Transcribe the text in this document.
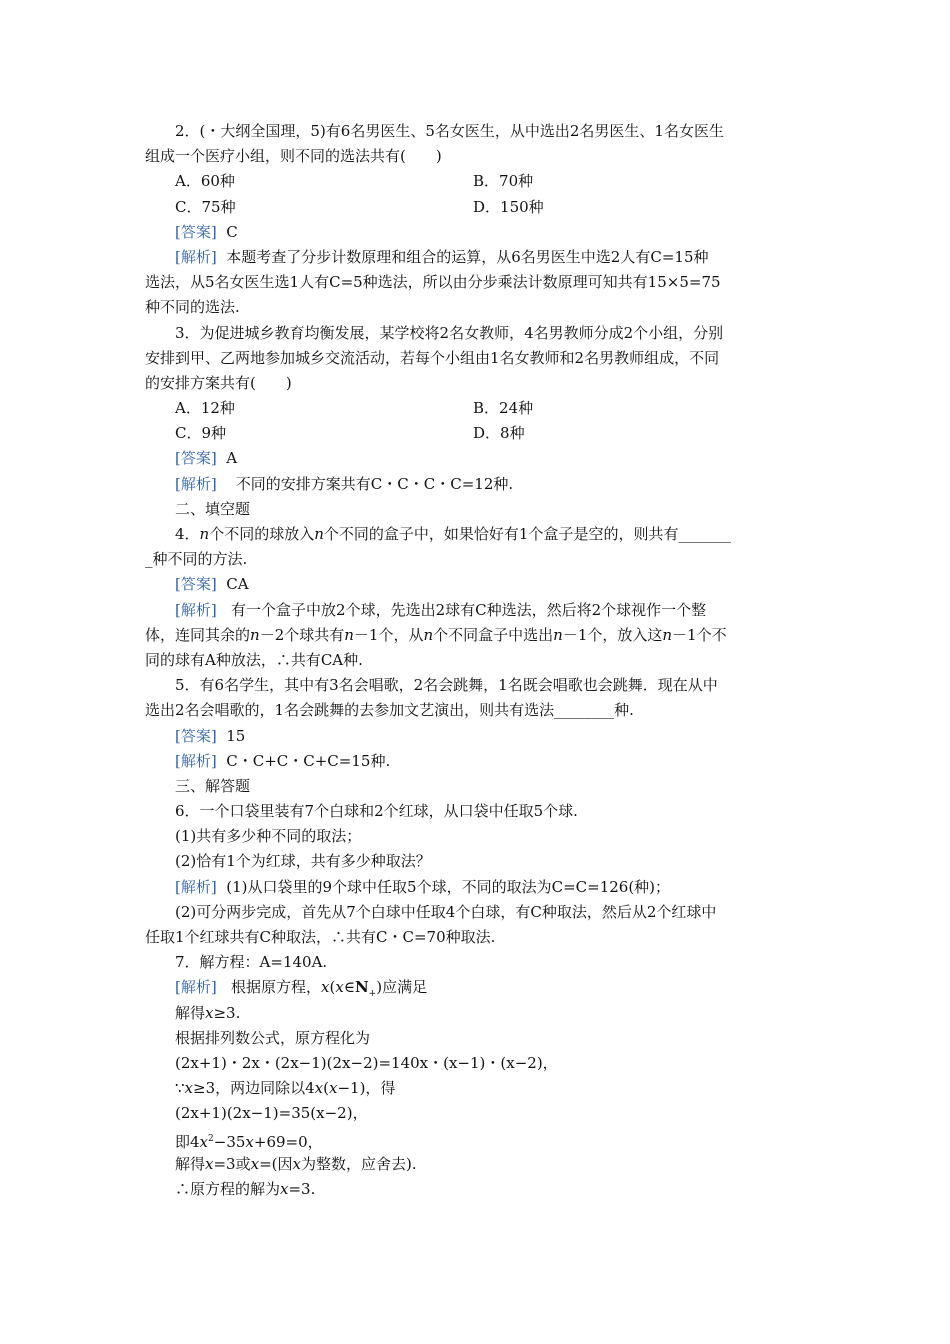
2．(・大纲全国理，5)有6名男医生、5名女医生，从中选出2名男医生、1名女医生
组成一个医疗小组，则不同的选法共有(　　)
A．60种	B．70种
C．75种	D．150种
[答案] C
[解析] 本题考查了分步计数原理和组合的运算，从6名男医生中选2人有C=15种
选法，从5名女医生选1人有C=5种选法，所以由分步乘法计数原理可知共有15×5=75
种不同的选法.
3．为促进城乡教育均衡发展，某学校将2名女教师，4名男教师分成2个小组，分别
安排到甲、乙两地参加城乡交流活动，若每个小组由1名女教师和2名男教师组成，不同
的安排方案共有(　　)
A．12种	B．24种
C．9种	D．8种
[答案] A
[解析] 不同的安排方案共有C・C・C・C=12种.
二、填空题
4．n个不同的球放入n个不同的盒子中，如果恰好有1个盒子是空的，则共有_______
_种不同的方法.
[答案] CA
[解析] 有一个盒子中放2个球，先选出2球有C种选法，然后将2个球视作一个整
体，连同其余的n－2个球共有n－1个，从n个不同盒子中选出n－1个，放入这n－1个不
同的球有A种放法，∴共有CA种.
5．有6名学生，其中有3名会唱歌，2名会跳舞，1名既会唱歌也会跳舞．现在从中
选出2名会唱歌的，1名会跳舞的去参加文艺演出，则共有选法________种.
[答案] 15
[解析] C・C+C・C+C=15种.
三、解答题
6．一个口袋里装有7个白球和2个红球，从口袋中任取5个球.
(1)共有多少种不同的取法；
(2)恰有1个为红球，共有多少种取法？
[解析] (1)从口袋里的9个球中任取5个球，不同的取法为C=C=126(种)；
(2)可分两步完成，首先从7个白球中任取4个白球，有C种取法，然后从2个红球中
任取1个红球共有C种取法，∴共有C・C=70种取法.
7．解方程：A=140A.
[解析] 根据原方程，$x(x\in N_+)$应满足
解得x≥3.
根据排列数公式，原方程化为
(2x+1)・2x・(2x−1)(2x−2)=140x・(x−1)・(x−2)，
∵x≥3，两边同除以4x(x−1)，得
(2x+1)(2x−1)=35(x−2)，
即$4x^2-35x+69=0$，
解得x=3或x=(因x为整数，应舍去).
∴原方程的解为x=3.
